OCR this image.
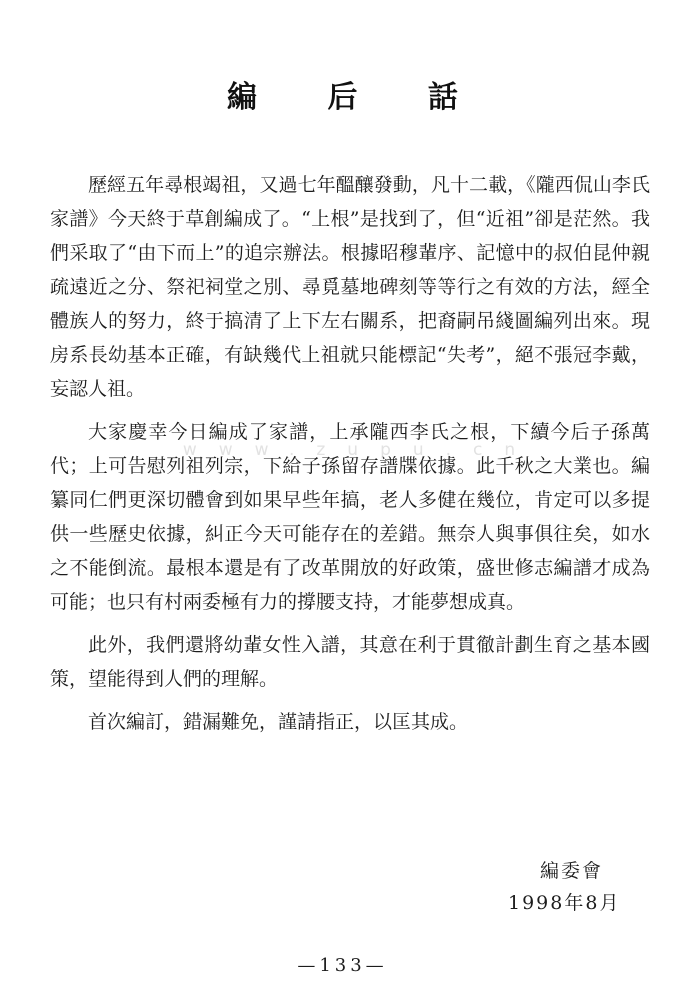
編 后 話

歷經五年尋根竭祖，又過七年醞釀發動，凡十二載，《隴西侃山李氏家譜》今天終于草創編成了。“上根”是找到了，但“近祖”卻是茫然。我們采取了“由下而上”的追宗辦法。根據昭穆輩序、記憶中的叔伯昆仲親疏遠近之分、祭祀祠堂之別、尋覓墓地碑刻等等行之有效的方法，經全體族人的努力，終于搞清了上下左右關系，把裔嗣吊綫圖編列出來。現房系長幼基本正確，有缺幾代上祖就只能標記“失考”，絕不張冠李戴，妄認人祖。

大家慶幸今日編成了家譜，上承隴西李氏之根，下續今后子孫萬代；上可告慰列祖列宗，下給子孫留存譜牒依據。此千秋之大業也。編纂同仁們更深切體會到如果早些年搞，老人多健在幾位，肯定可以多提供一些歷史依據，糾正今天可能存在的差錯。無奈人與事俱往矣，如水之不能倒流。最根本還是有了改革開放的好政策，盛世修志編譜才成為可能；也只有村兩委極有力的撐腰支持，才能夢想成真。

此外，我們還將幼輩女性入譜，其意在利于貫徹計劃生育之基本國策，望能得到人們的理解。

首次編訂，錯漏難免，謹請指正，以匡其成。

www.zupu.cn
編委會
1998年8月
—133—
